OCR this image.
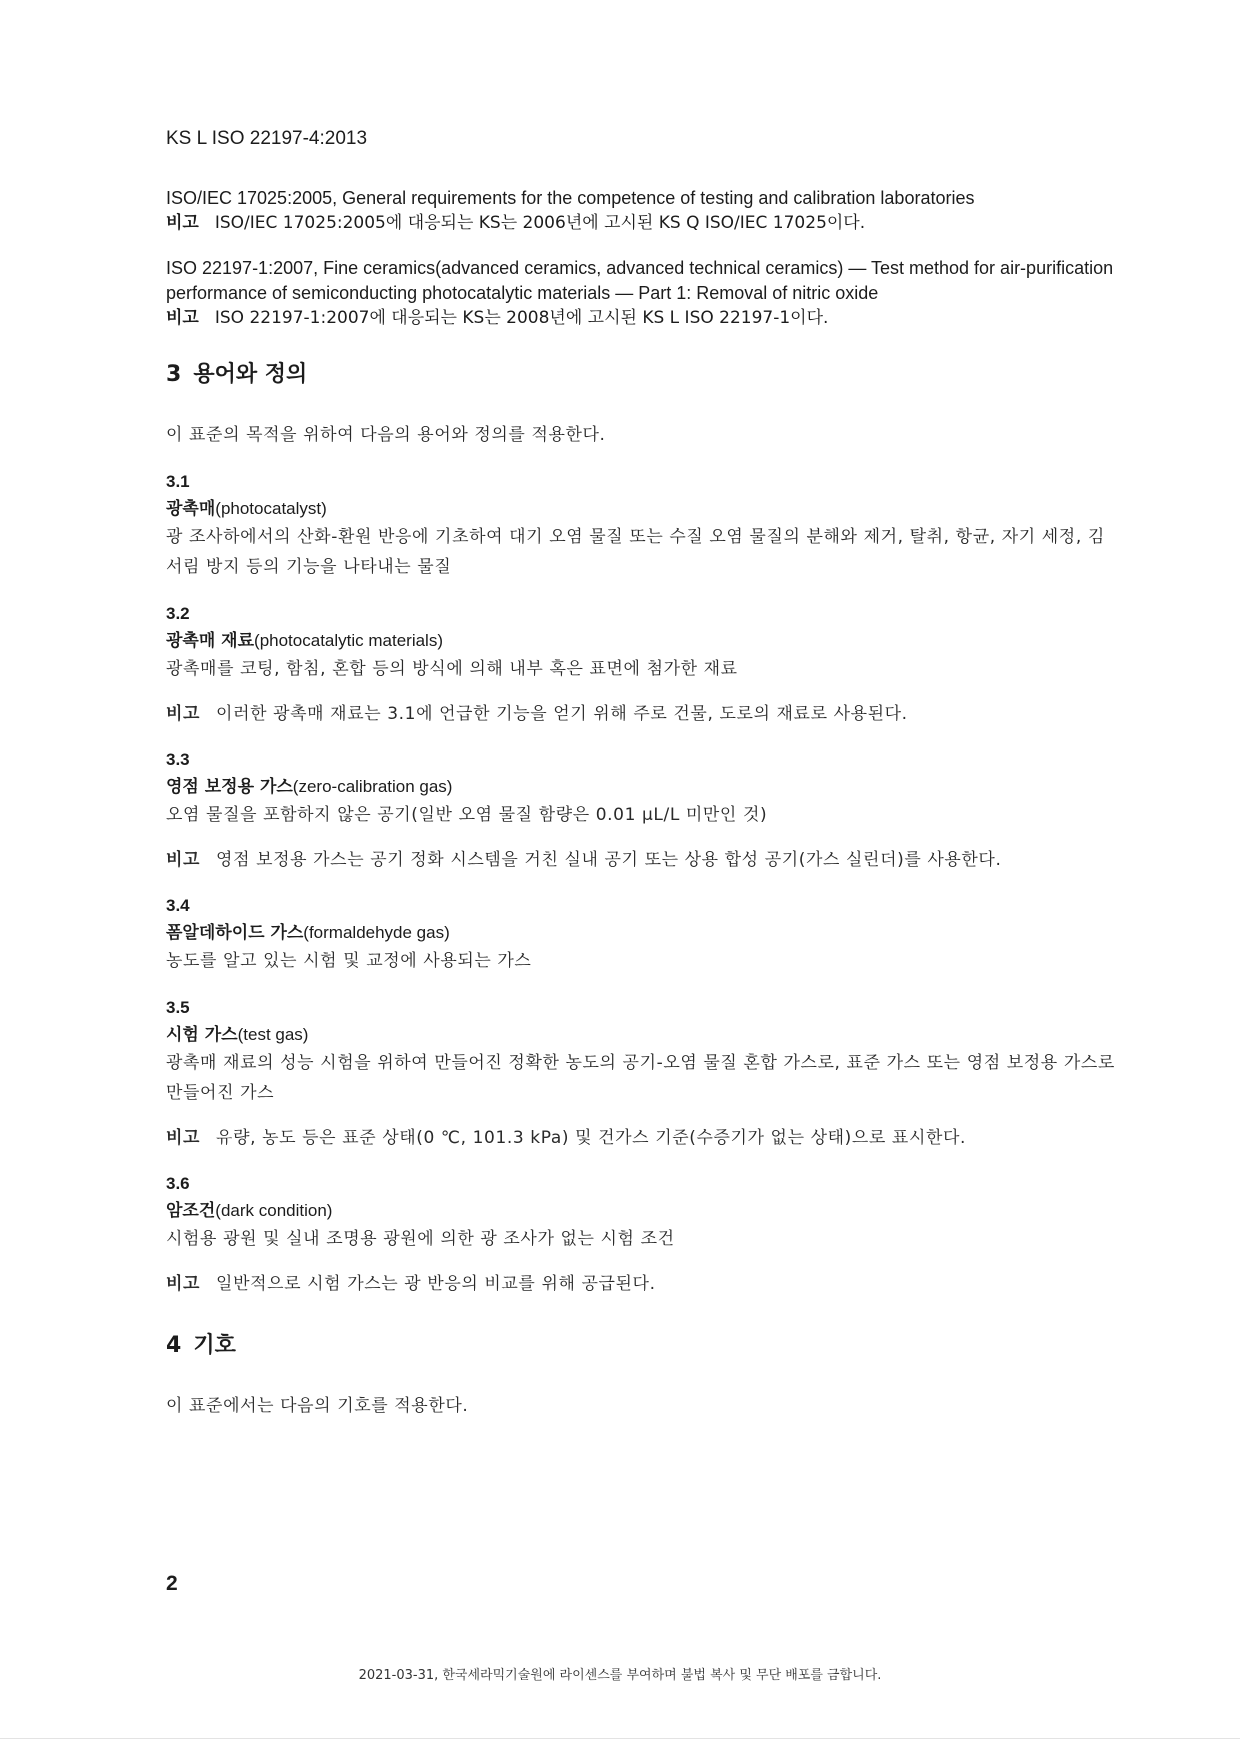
KS L ISO 22197-4:2013
ISO/IEC 17025:2005, General requirements for the competence of testing and calibration laboratories
비고 ISO/IEC 17025:2005에 대응되는 KS는 2006년에 고시된 KS Q ISO/IEC 17025이다.
ISO 22197-1:2007, Fine ceramics(advanced ceramics, advanced technical ceramics) — Test method for air-purification performance of semiconducting photocatalytic materials — Part 1: Removal of nitric oxide
비고 ISO 22197-1:2007에 대응되는 KS는 2008년에 고시된 KS L ISO 22197-1이다.
3 용어와 정의

이 표준의 목적을 위하여 다음의 용어와 정의를 적용한다.

3.1
광촉매(photocatalyst)

광 조사하에서의 산화-환원 반응에 기초하여 대기 오염 물질 또는 수질 오염 물질의 분해와 제거, 탈취, 항균, 자기 세정, 김 서림 방지 등의 기능을 나타내는 물질

3.2
광촉매 재료(photocatalytic materials)

광촉매를 코팅, 함침, 혼합 등의 방식에 의해 내부 혹은 표면에 첨가한 재료

비고 이러한 광촉매 재료는 3.1에 언급한 기능을 얻기 위해 주로 건물, 도로의 재료로 사용된다.
3.3
영점 보정용 가스(zero-calibration gas)

오염 물질을 포함하지 않은 공기(일반 오염 물질 함량은 0.01 μL/L 미만인 것)

비고 영점 보정용 가스는 공기 정화 시스템을 거친 실내 공기 또는 상용 합성 공기(가스 실린더)를 사용한다.
3.4
폼알데하이드 가스(formaldehyde gas)

농도를 알고 있는 시험 및 교정에 사용되는 가스

3.5
시험 가스(test gas)

광촉매 재료의 성능 시험을 위하여 만들어진 정확한 농도의 공기-오염 물질 혼합 가스로, 표준 가스 또는 영점 보정용 가스로 만들어진 가스

비고 유량, 농도 등은 표준 상태(0 ℃, 101.3 kPa) 및 건가스 기준(수증기가 없는 상태)으로 표시한다.
3.6
암조건(dark condition)

시험용 광원 및 실내 조명용 광원에 의한 광 조사가 없는 시험 조건

비고 일반적으로 시험 가스는 광 반응의 비교를 위해 공급된다.
4 기호

이 표준에서는 다음의 기호를 적용한다.

2
2021-03-31, 한국세라믹기술원에 라이센스를 부여하며 불법 복사 및 무단 배포를 금합니다.
